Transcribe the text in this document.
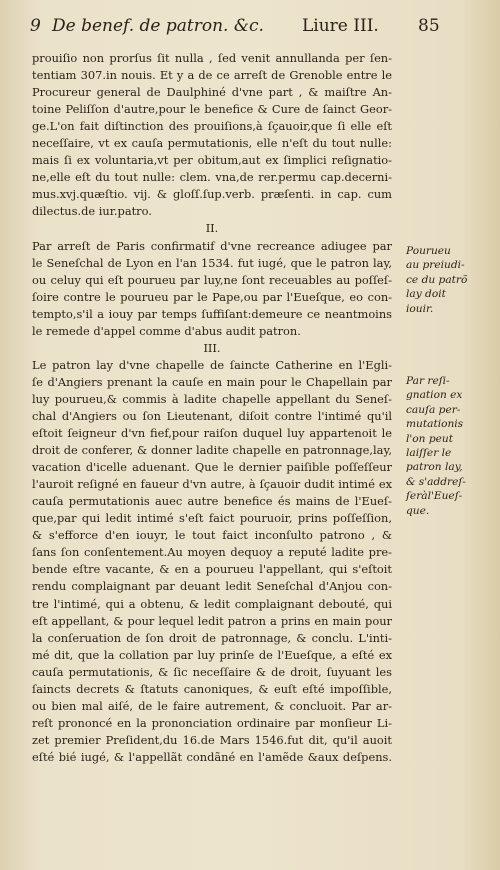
9 De benef. de patron. &c. Liure III. 85
prouiſio non prorſus ſit nulla , ſed venit annullanda per ſen-
tentiam 307.in nouis. Et y a de ce arreſt de Grenoble entre le
Procureur general de Daulphiné d'vne part , & maiſtre An-
toine Peliſſon d'autre,pour le benefice & Cure de ſainct Geor-
ge.L'on fait diſtinction des prouiſions,à ſçauoir,que ſi elle eſt
neceſſaire, vt ex cauſa permutationis, elle n'eſt du tout nulle:
mais ſi ex voluntaria,vt per obitum,aut ex ſimplici reſignatio-
ne,elle eſt du tout nulle: clem. vna,de rer.permu cap.decerni-
mus.xvj.quæſtio. vij. & gloſſ.ſup.verb. præſenti. in cap. cum
dilectus.de iur.patro.
II.
Par arreſt de Paris confirmatif d'vne recreance adiugee par
le Seneſchal de Lyon en l'an 1534. fut iugé, que le patron lay,
ou celuy qui eſt pourueu par luy,ne ſont receuables au poſſeſ-
ſoire contre le pourueu par le Pape,ou par l'Eueſque, eo con-
tempto,s'il a iouy par temps ſuffiſant:demeure ce neantmoins
le remede d'appel comme d'abus audit patron.
III.
Le patron lay d'vne chapelle de ſaincte Catherine en l'Egli-
ſe d'Angiers prenant la cauſe en main pour le Chapellain par
luy pourueu,& commis à ladite chapelle appellant du Seneſ-
chal d'Angiers ou ſon Lieutenant, diſoit contre l'intimé qu'il
eſtoit ſeigneur d'vn fief,pour raiſon duquel luy appartenoit le
droit de conferer, & donner ladite chapelle en patronnage,lay,
vacation d'icelle aduenant. Que le dernier paiſible poſſeſſeur
l'auroit reſigné en faueur d'vn autre, à ſçauoir dudit intimé ex
cauſa permutationis auec autre benefice és mains de l'Eueſ-
que,par qui ledit intimé s'eſt faict pouruoir, prins poſſeſſion,
& s'efforce d'en iouyr, le tout faict inconſulto patrono , &
ſans ſon conſentement.Au moyen dequoy a reputé ladite pre-
bende eſtre vacante, & en a pourueu l'appellant, qui s'eſtoit
rendu complaignant par deuant ledit Seneſchal d'Anjou con-
tre l'intimé, qui a obtenu, & ledit complaignant debouté, qui
eſt appellant, & pour lequel ledit patron a prins en main pour
la conſeruation de ſon droit de patronnage, & conclu. L'inti-
mé dit, que la collation par luy prinſe de l'Eueſque, a eſté ex
cauſa permutationis, & ſic neceſſaire & de droit, ſuyuant les
ſaincts decrets & ſtatuts canoniques, & euſt eſté impoſſible,
ou bien mal aiſé, de le faire autrement, & concluoit. Par ar-
reſt prononcé en la prononciation ordinaire par monſieur Li-
zet premier Preſident,du 16.de Mars 1546.fut dit, qu'il auoit
eſté bié iugé, & l'appellãt condãné en l'amẽde &aux deſpens.
Pourueu
au preiudi-
ce du patrõ
lay doit
iouir.
Par reſi-
gnation ex
cauſa per-
mutationis
l'on peut
laiſſer le
patron lay,
& s'addreſ-
ſeràl'Eueſ-
que.
